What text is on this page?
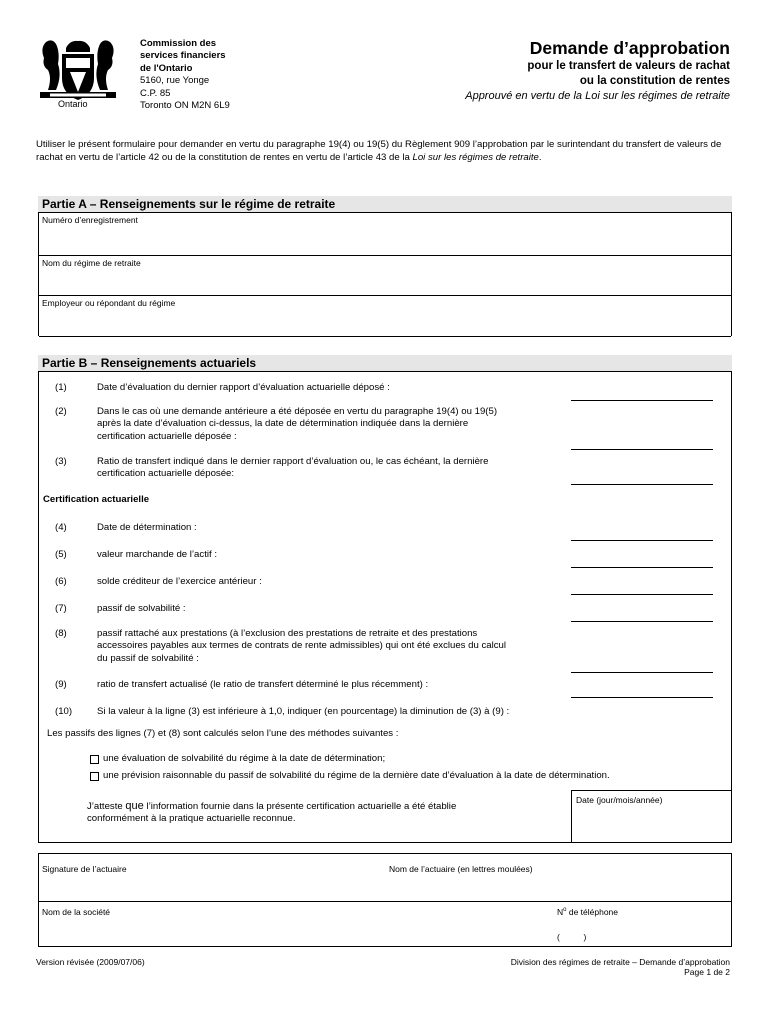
Ontario
Commission des
services financiers
de l'Ontario
5160, rue Yonge
C.P. 85
Toronto ON M2N 6L9
Demande d’approbation
pour le transfert de valeurs de rachat
ou la constitution de rentes
Approuvé en vertu de la Loi sur les régimes de retraite
Utiliser le présent formulaire pour demander en vertu du paragraphe 19(4) ou 19(5) du Règlement 909 l’approbation par le surintendant du transfert de valeurs de rachat en vertu de l’article 42 ou de la constitution de rentes en vertu de l’article 43 de la Loi sur les régimes de retraite.
Partie A – Renseignements sur le régime de retraite
Numéro d’enregistrement
Nom du régime de retraite
Employeur ou répondant du régime
Partie B – Renseignements actuariels
(1)	Date d’évaluation du dernier rapport d’évaluation actuarielle déposé :
(2)	Dans le cas où une demande antérieure a été déposée en vertu du paragraphe 19(4) ou 19(5)
après la date d’évaluation ci-dessus, la date de détermination indiquée dans la dernière
certification actuarielle déposée :
(3)	Ratio de transfert indiqué dans le dernier rapport d’évaluation ou, le cas échéant, la dernière
certification actuarielle déposée:
Certification actuarielle
(4)	Date de détermination :
(5)	valeur marchande de l’actif :
(6)	solde créditeur de l’exercice antérieur :
(7)	passif de solvabilité :
(8)	passif rattaché aux prestations (à l’exclusion des prestations de retraite et des prestations
accessoires payables aux termes de contrats de rente admissibles) qui ont été exclues du calcul
du passif de solvabilité :
(9)	ratio de transfert actualisé (le ratio de transfert déterminé le plus récemment) :
(10)	Si la valeur à la ligne (3) est inférieure à 1,0, indiquer (en pourcentage) la diminution de (3) à (9) :
Les passifs des lignes (7) et (8) sont calculés selon l’une des méthodes suivantes :
une évaluation de solvabilité du régime à la date de détermination;
une prévision raisonnable du passif de solvabilité du régime de la dernière date d’évaluation à la date de détermination.
J’atteste que l’information fournie dans la présente certification actuarielle a été établie
conformément à la pratique actuarielle reconnue.
Date (jour/mois/année)
Signature de l’actuaire	Nom de l’actuaire (en lettres moulées)
Nom de la société	$N^o$ de téléphone
(          )
Version révisée (2009/07/06)	Division des régimes de retraite – Demande d’approbation
Page 1 de 2
